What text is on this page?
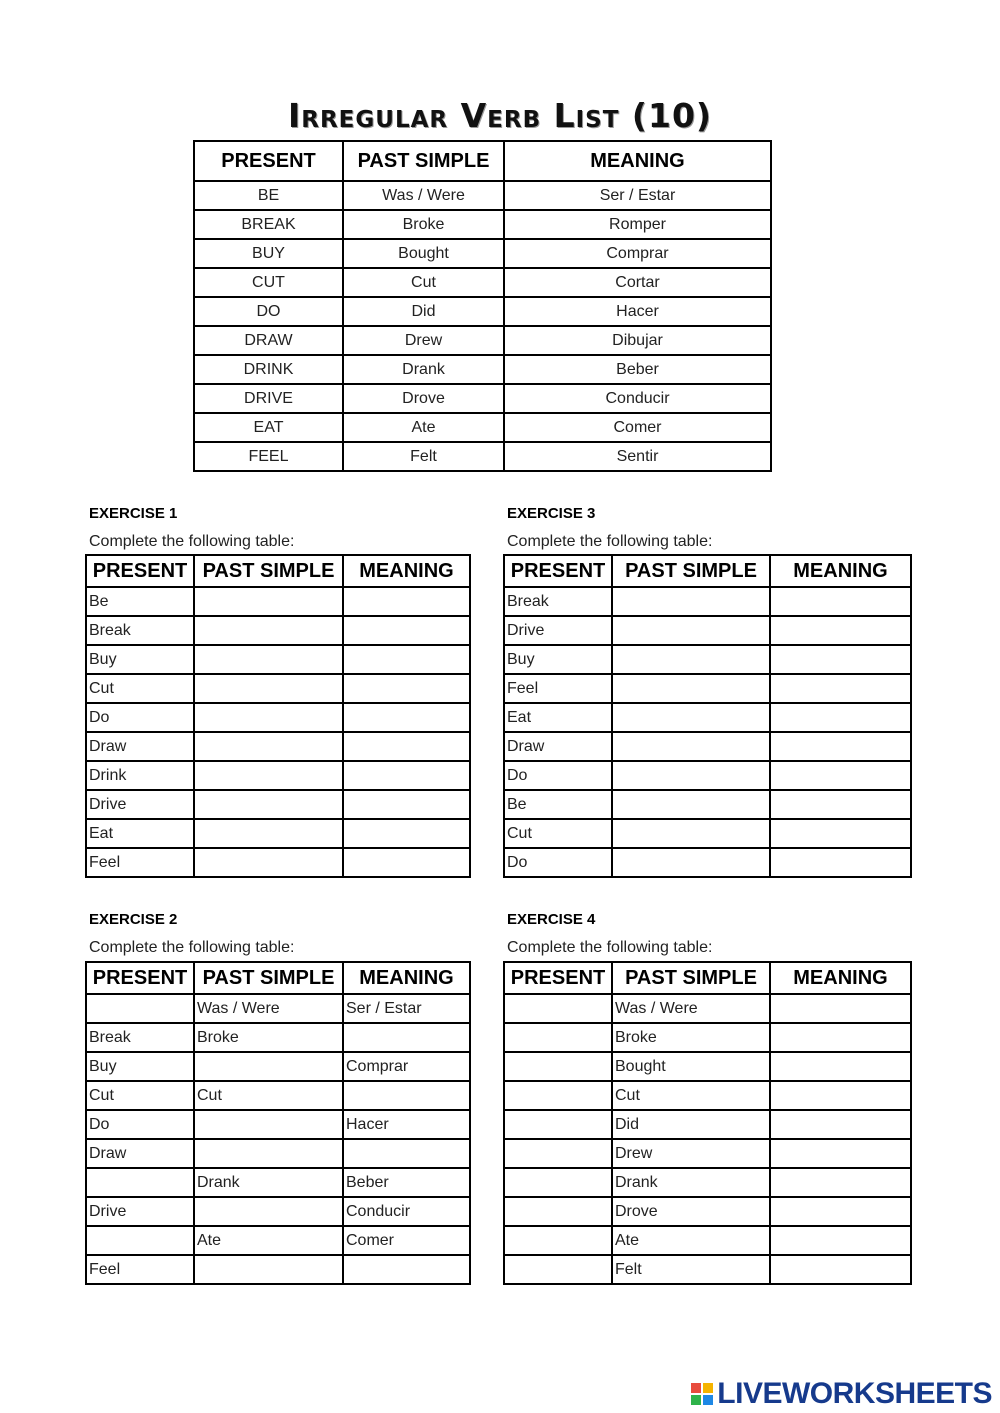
Irregular Verb List (10)
PRESENT	PAST SIMPLE	MEANING
BE	Was / Were	Ser / Estar
BREAK	Broke	Romper
BUY	Bought	Comprar
CUT	Cut	Cortar
DO	Did	Hacer
DRAW	Drew	Dibujar
DRINK	Drank	Beber
DRIVE	Drove	Conducir
EAT	Ate	Comer
FEEL	Felt	Sentir
EXERCISE 1
Complete the following table:
PRESENT	PAST SIMPLE	MEANING
Be		
Break		
Buy		
Cut		
Do		
Draw		
Drink		
Drive		
Eat		
Feel		
EXERCISE 3
Complete the following table:
PRESENT	PAST SIMPLE	MEANING
Break		
Drive		
Buy		
Feel		
Eat		
Draw		
Do		
Be		
Cut		
Do		
EXERCISE 2
Complete the following table:
PRESENT	PAST SIMPLE	MEANING
	Was / Were	Ser / Estar
Break	Broke	
Buy		Comprar
Cut	Cut	
Do		Hacer
Draw		
	Drank	Beber
Drive		Conducir
	Ate	Comer
Feel		
EXERCISE 4
Complete the following table:
PRESENT	PAST SIMPLE	MEANING
	Was / Were	
	Broke	
	Bought	
	Cut	
	Did	
	Drew	
	Drank	
	Drove	
	Ate	
	Felt	
LIVEWORKSHEETS
